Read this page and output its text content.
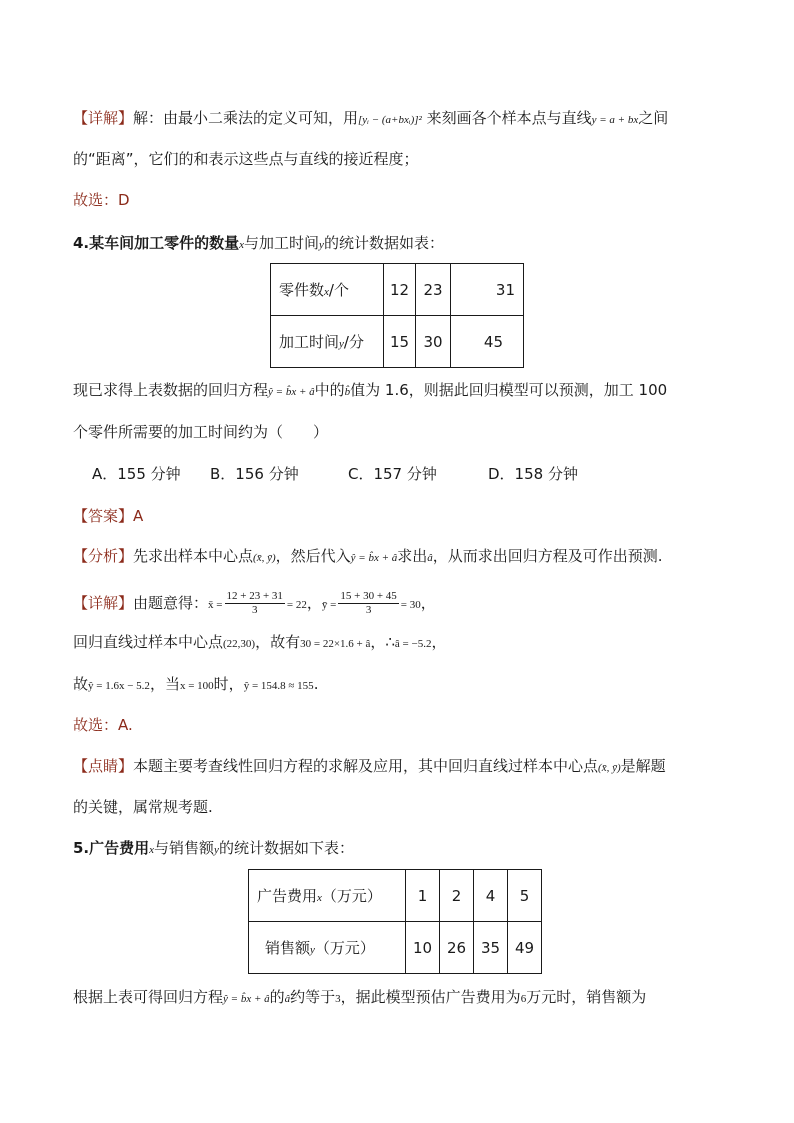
【详解】解：由最小二乘法的定义可知，用[yᵢ − (a+bxᵢ)]² 来刻画各个样本点与直线y = a + bx之间
的“距离”，它们的和表示这些点与直线的接近程度；
故选：D
4.某车间加工零件的数量x与加工时间y的统计数据如表：
零件数x/个	12	23	31
加工时间y/分	15	30	45
现已求得上表数据的回归方程ŷ = b̂x + â中的b̂值为 1.6，则据此回归模型可以预测，加工 100
个零件所需要的加工时间约为（　　）
A．155 分钟 B．156 分钟	C．157 分钟	D．158 分钟
【答案】A
【分析】先求出样本中心点(x̄, ȳ)，然后代入ŷ = b̂x + â求出â，从而求出回归方程及可作出预测.
【详解】由题意得：x̄ = $\frac{12 + 23 + 31}{3} = 22$，ȳ = $\frac{15 + 30 + 45}{3} = 30$，
回归直线过样本中心点(22,30)，故有30 = 22×1.6 + â，∴â = −5.2，
故ŷ = 1.6x − 5.2，当x = 100时，ŷ = 154.8 ≈ 155.
故选：A.
【点睛】本题主要考查线性回归方程的求解及应用，其中回归直线过样本中心点(x̄, ȳ)是解题
的关键，属常规考题.
5.广告费用x与销售额y的统计数据如下表：
广告费用x（万元）	1	2	4	5
销售额y（万元）	10	26	35	49
根据上表可得回归方程ŷ = b̂x + â的â约等于3，据此模型预估广告费用为6万元时，销售额为
